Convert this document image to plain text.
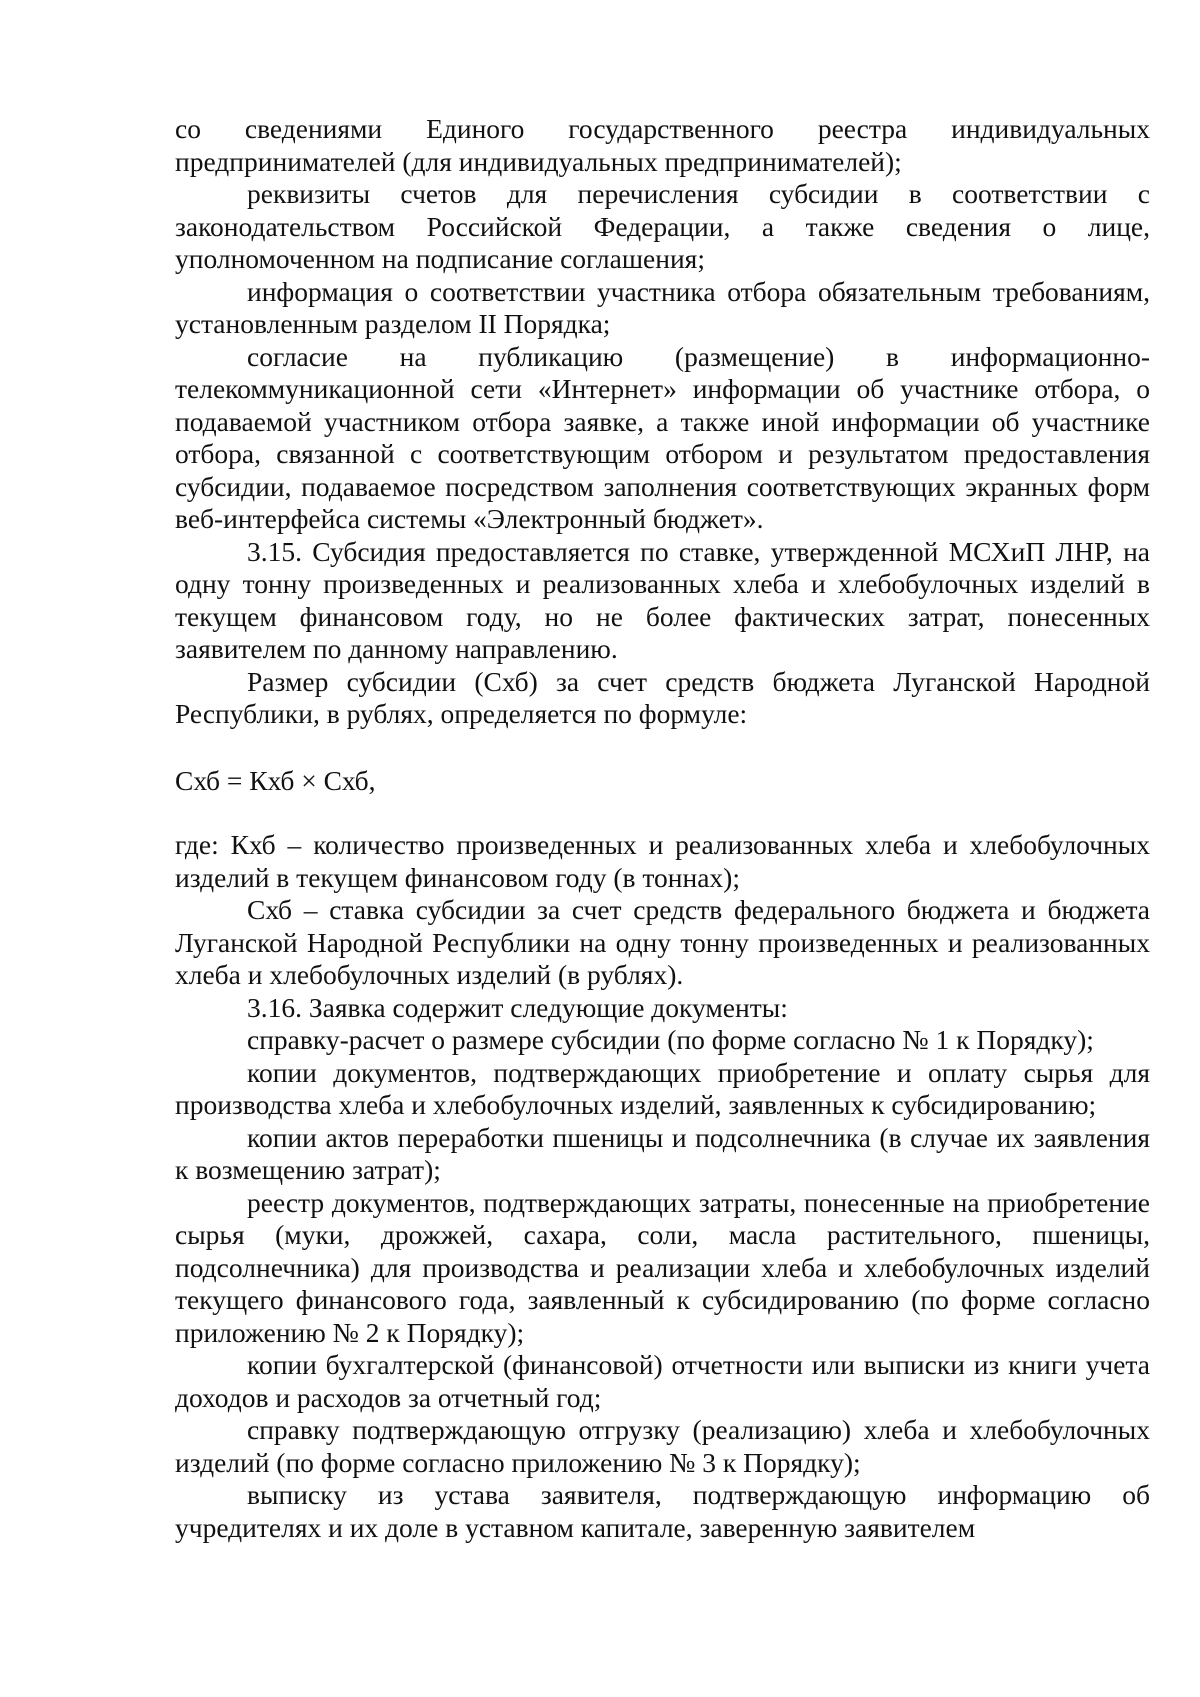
со сведениями Единого государственного реестра индивидуальных предпринимателей (для индивидуальных предпринимателей);

реквизиты счетов для перечисления субсидии в соответствии с законодательством Российской Федерации, а также сведения о лице, уполномоченном на подписание соглашения;

информация о соответствии участника отбора обязательным требованиям, установленным разделом II Порядка;

согласие на публикацию (размещение) в информационно-телекоммуникационной сети «Интернет» информации об участнике отбора, о подаваемой участником отбора заявке, а также иной информации об участнике отбора, связанной с соответствующим отбором и результатом предоставления субсидии, подаваемое посредством заполнения соответствующих экранных форм веб-интерфейса системы «Электронный бюджет».

3.15. Субсидия предоставляется по ставке, утвержденной МСХиП ЛНР, на одну тонну произведенных и реализованных хлеба и хлебобулочных изделий в текущем финансовом году, но не более фактических затрат, понесенных заявителем по данному направлению.

Размер субсидии (Схб) за счет средств бюджета Луганской Народной Республики, в рублях, определяется по формуле:

Схб = Кхб × Схб,

где: Кхб – количество произведенных и реализованных хлеба и хлебобулочных изделий в текущем финансовом году (в тоннах);

Схб – ставка субсидии за счет средств федерального бюджета и бюджета Луганской Народной Республики на одну тонну произведенных и реализованных хлеба и хлебобулочных изделий (в рублях).

3.16. Заявка содержит следующие документы:

справку-расчет о размере субсидии (по форме согласно № 1 к Порядку);

копии документов, подтверждающих приобретение и оплату сырья для производства хлеба и хлебобулочных изделий, заявленных к субсидированию;

копии актов переработки пшеницы и подсолнечника (в случае их заявления к возмещению затрат);

реестр документов, подтверждающих затраты, понесенные на приобретение сырья (муки, дрожжей, сахара, соли, масла растительного, пшеницы, подсолнечника) для производства и реализации хлеба и хлебобулочных изделий текущего финансового года, заявленный к субсидированию (по форме согласно приложению № 2 к Порядку);

копии бухгалтерской (финансовой) отчетности или выписки из книги учета доходов и расходов за отчетный год;

справку подтверждающую отгрузку (реализацию) хлеба и хлебобулочных изделий (по форме согласно приложению № 3 к Порядку);

выписку из устава заявителя, подтверждающую информацию об учредителях и их доле в уставном капитале, заверенную заявителем
